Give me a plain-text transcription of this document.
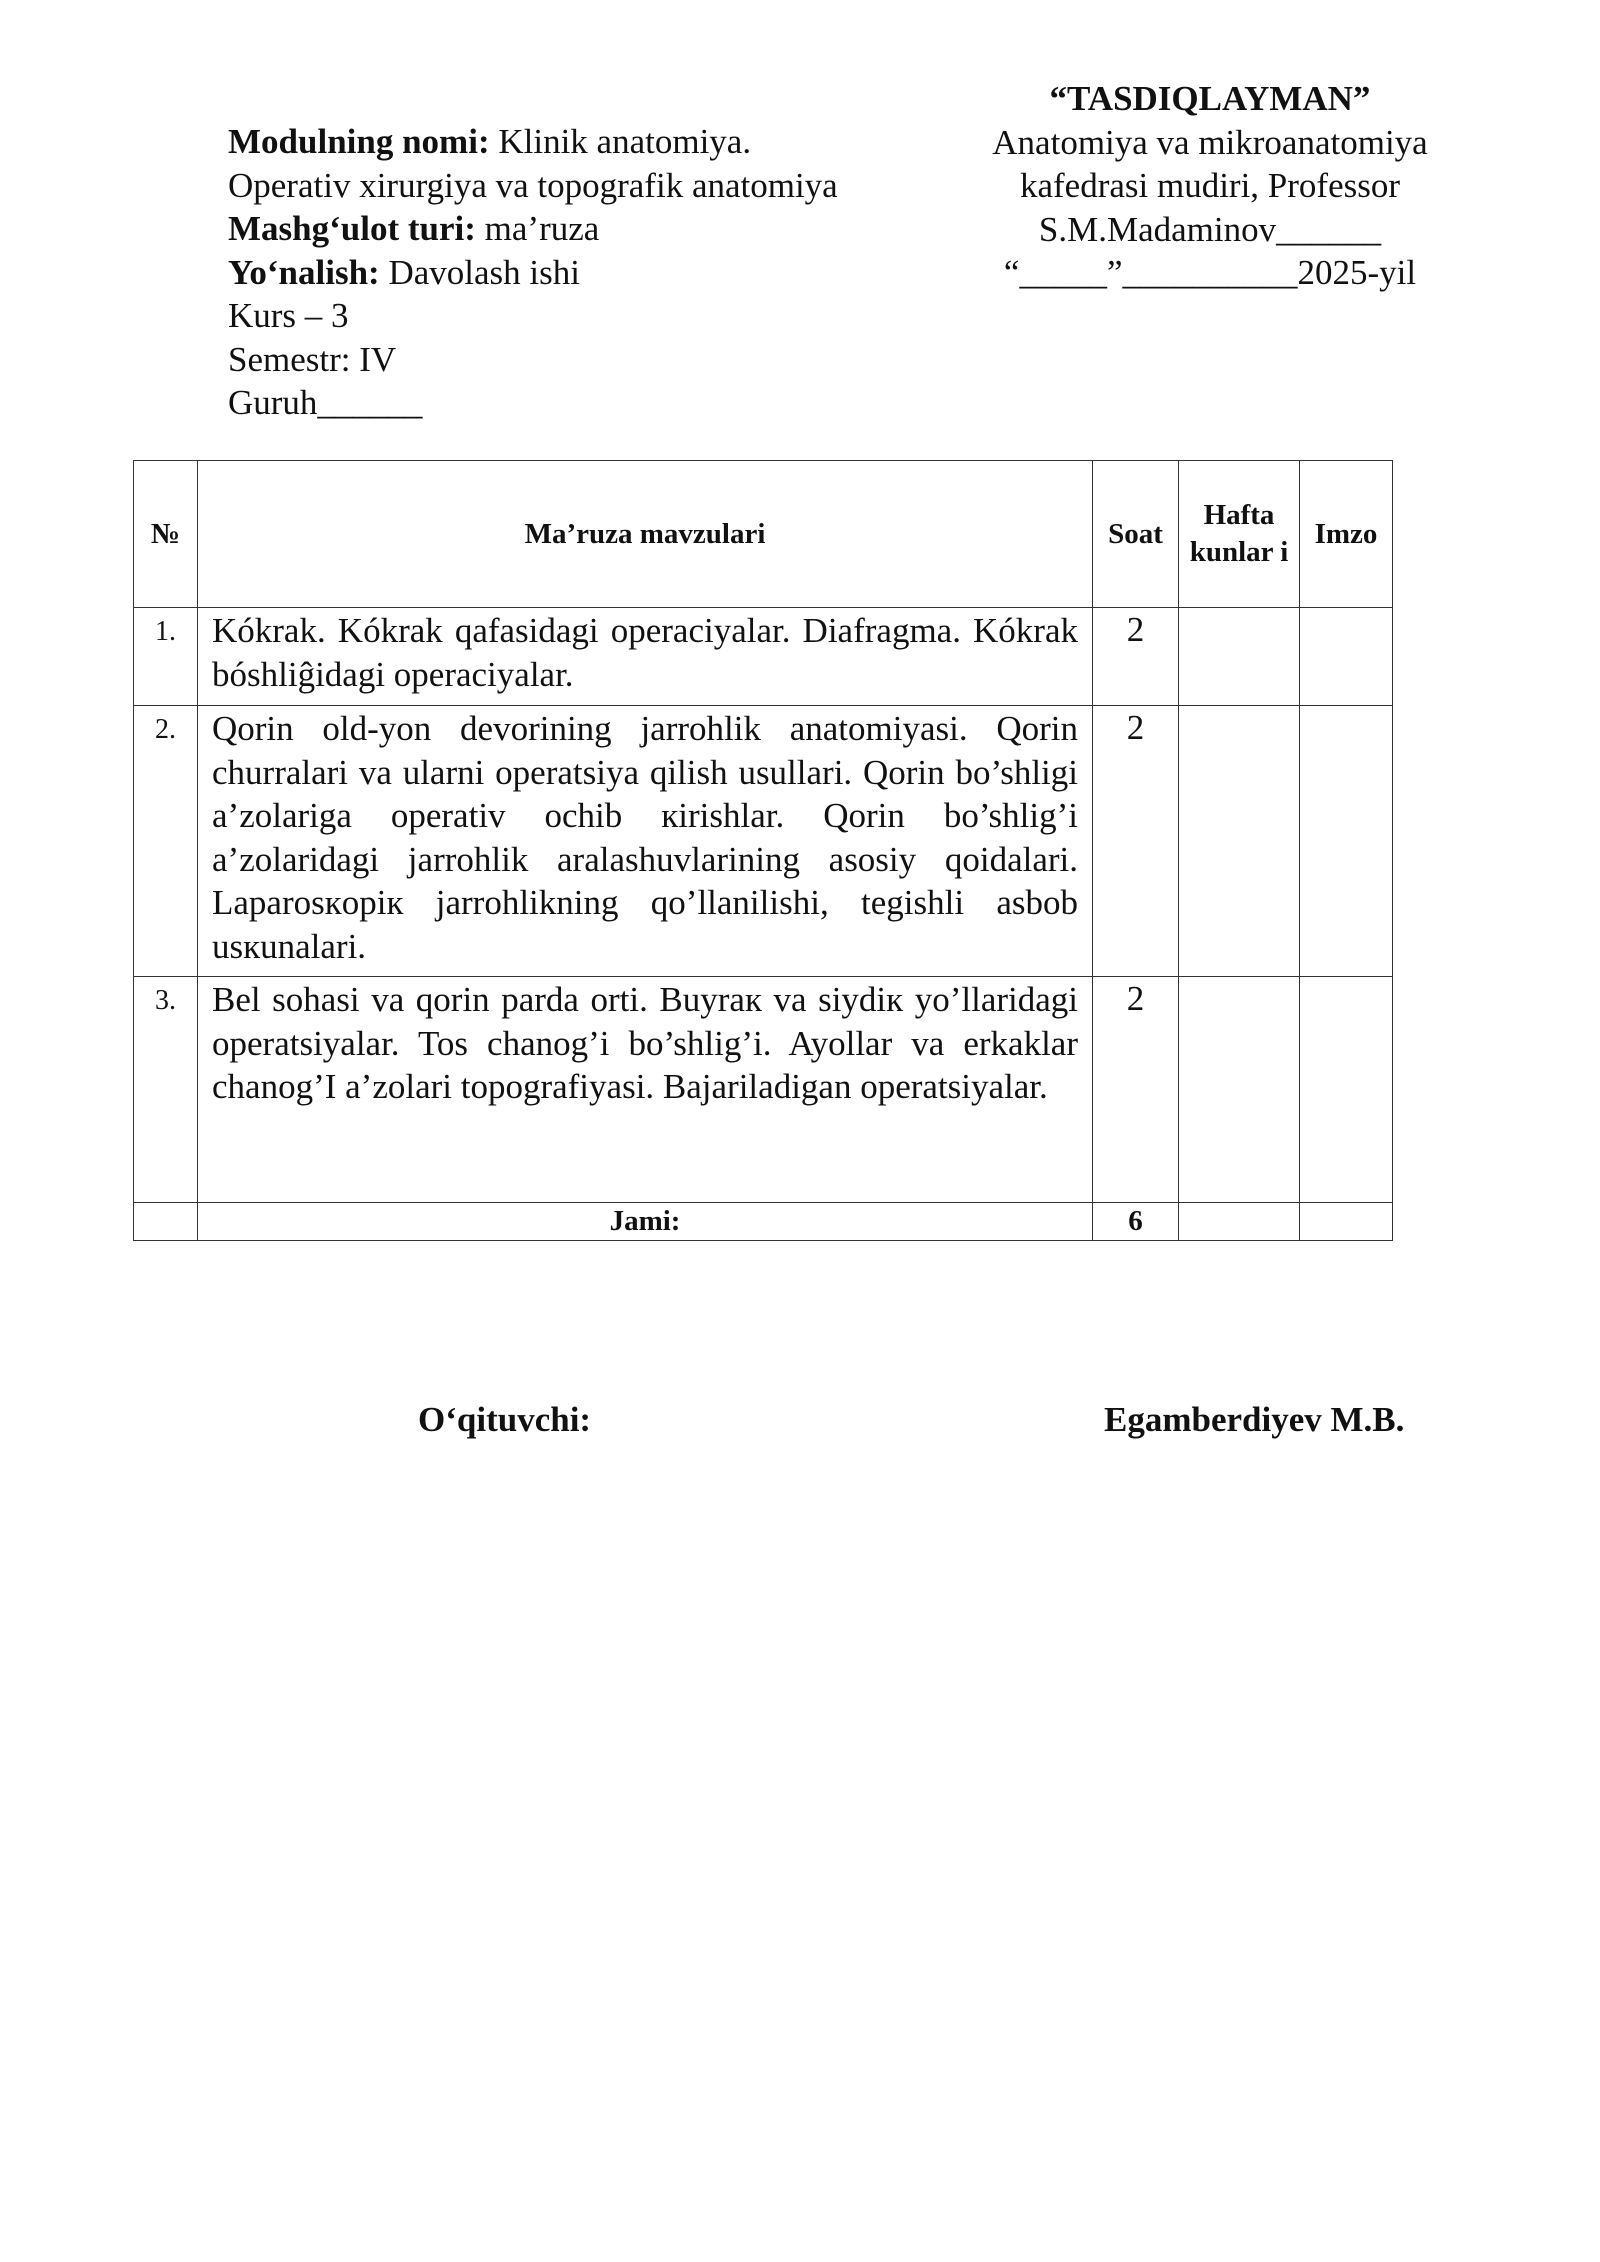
Modulning nomi: Klinik anatomiya.
Operativ xirurgiya va topografik anatomiya
Mashg‘ulot turi: ma’ruza
Yo‘nalish: Davolash ishi
Kurs – 3
Semestr: IV
Guruh______
“TASDIQLAYMAN”
Anatomiya va mikroanatomiya
kafedrasi mudiri, Professor
S.M.Madaminov______
“_____”__________2025-yil
№	Ma’ruza mavzulari	Soat	Hafta kunlar i	Imzo
1.	Kókrak. Kókrak qafasidagi operaciyalar. Diafragma. Kókrak bóshliĝidagi operaciyalar.	2		
2.	Qorin old-yon devorining jarrohlik anatomiyasi. Qorin churralari va ularni operatsiya qilish usullari. Qorin bo’shligi a’zolariga operativ ochib кirishlar. Qorin bo’shlig’i a’zolaridagi jarrohlik aralashuvlarining asosiy qoidalari. Laparosкopiк jarrohlikning qo’llanilishi, tegishli asbob usкunalari.	2		
3.	Bel sohasi va qorin parda orti. Buyraк va siydiк yo’llaridagi operatsiyalar. Tos chanog’i bo’shlig’i. Ayollar va erkaklar chanog’I a’zolari topografiyasi. Bajariladigan operatsiyalar.	2		
	Jami:	6		
O‘qituvchi:	Egamberdiyev M.B.
